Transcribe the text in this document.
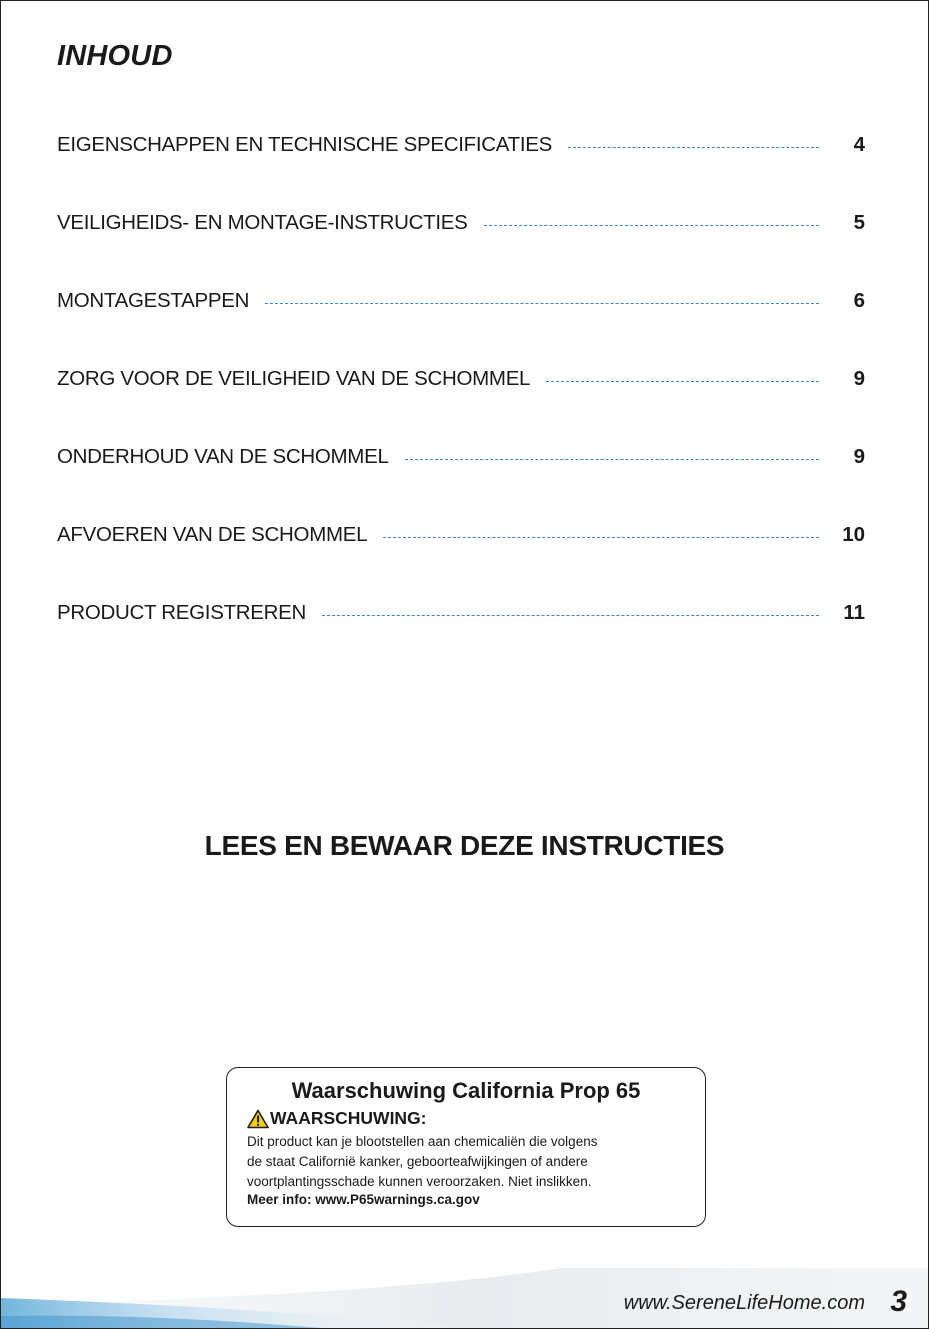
INHOUD
EIGENSCHAPPEN EN TECHNISCHE SPECIFICATIES	4
VEILIGHEIDS- EN MONTAGE-INSTRUCTIES	5
MONTAGESTAPPEN	6
ZORG VOOR DE VEILIGHEID VAN DE SCHOMMEL	9
ONDERHOUD VAN DE SCHOMMEL	9
AFVOEREN VAN DE SCHOMMEL	10
PRODUCT REGISTREREN	11
LEES EN BEWAAR DEZE INSTRUCTIES
Waarschuwing California Prop 65
WAARSCHUWING:
Dit product kan je blootstellen aan chemicaliën die volgens
de staat Californië kanker, geboorteafwijkingen of andere
voortplantingsschade kunnen veroorzaken. Niet inslikken.
Meer info: www.P65warnings.ca.gov
www.SereneLifeHome.com 3
